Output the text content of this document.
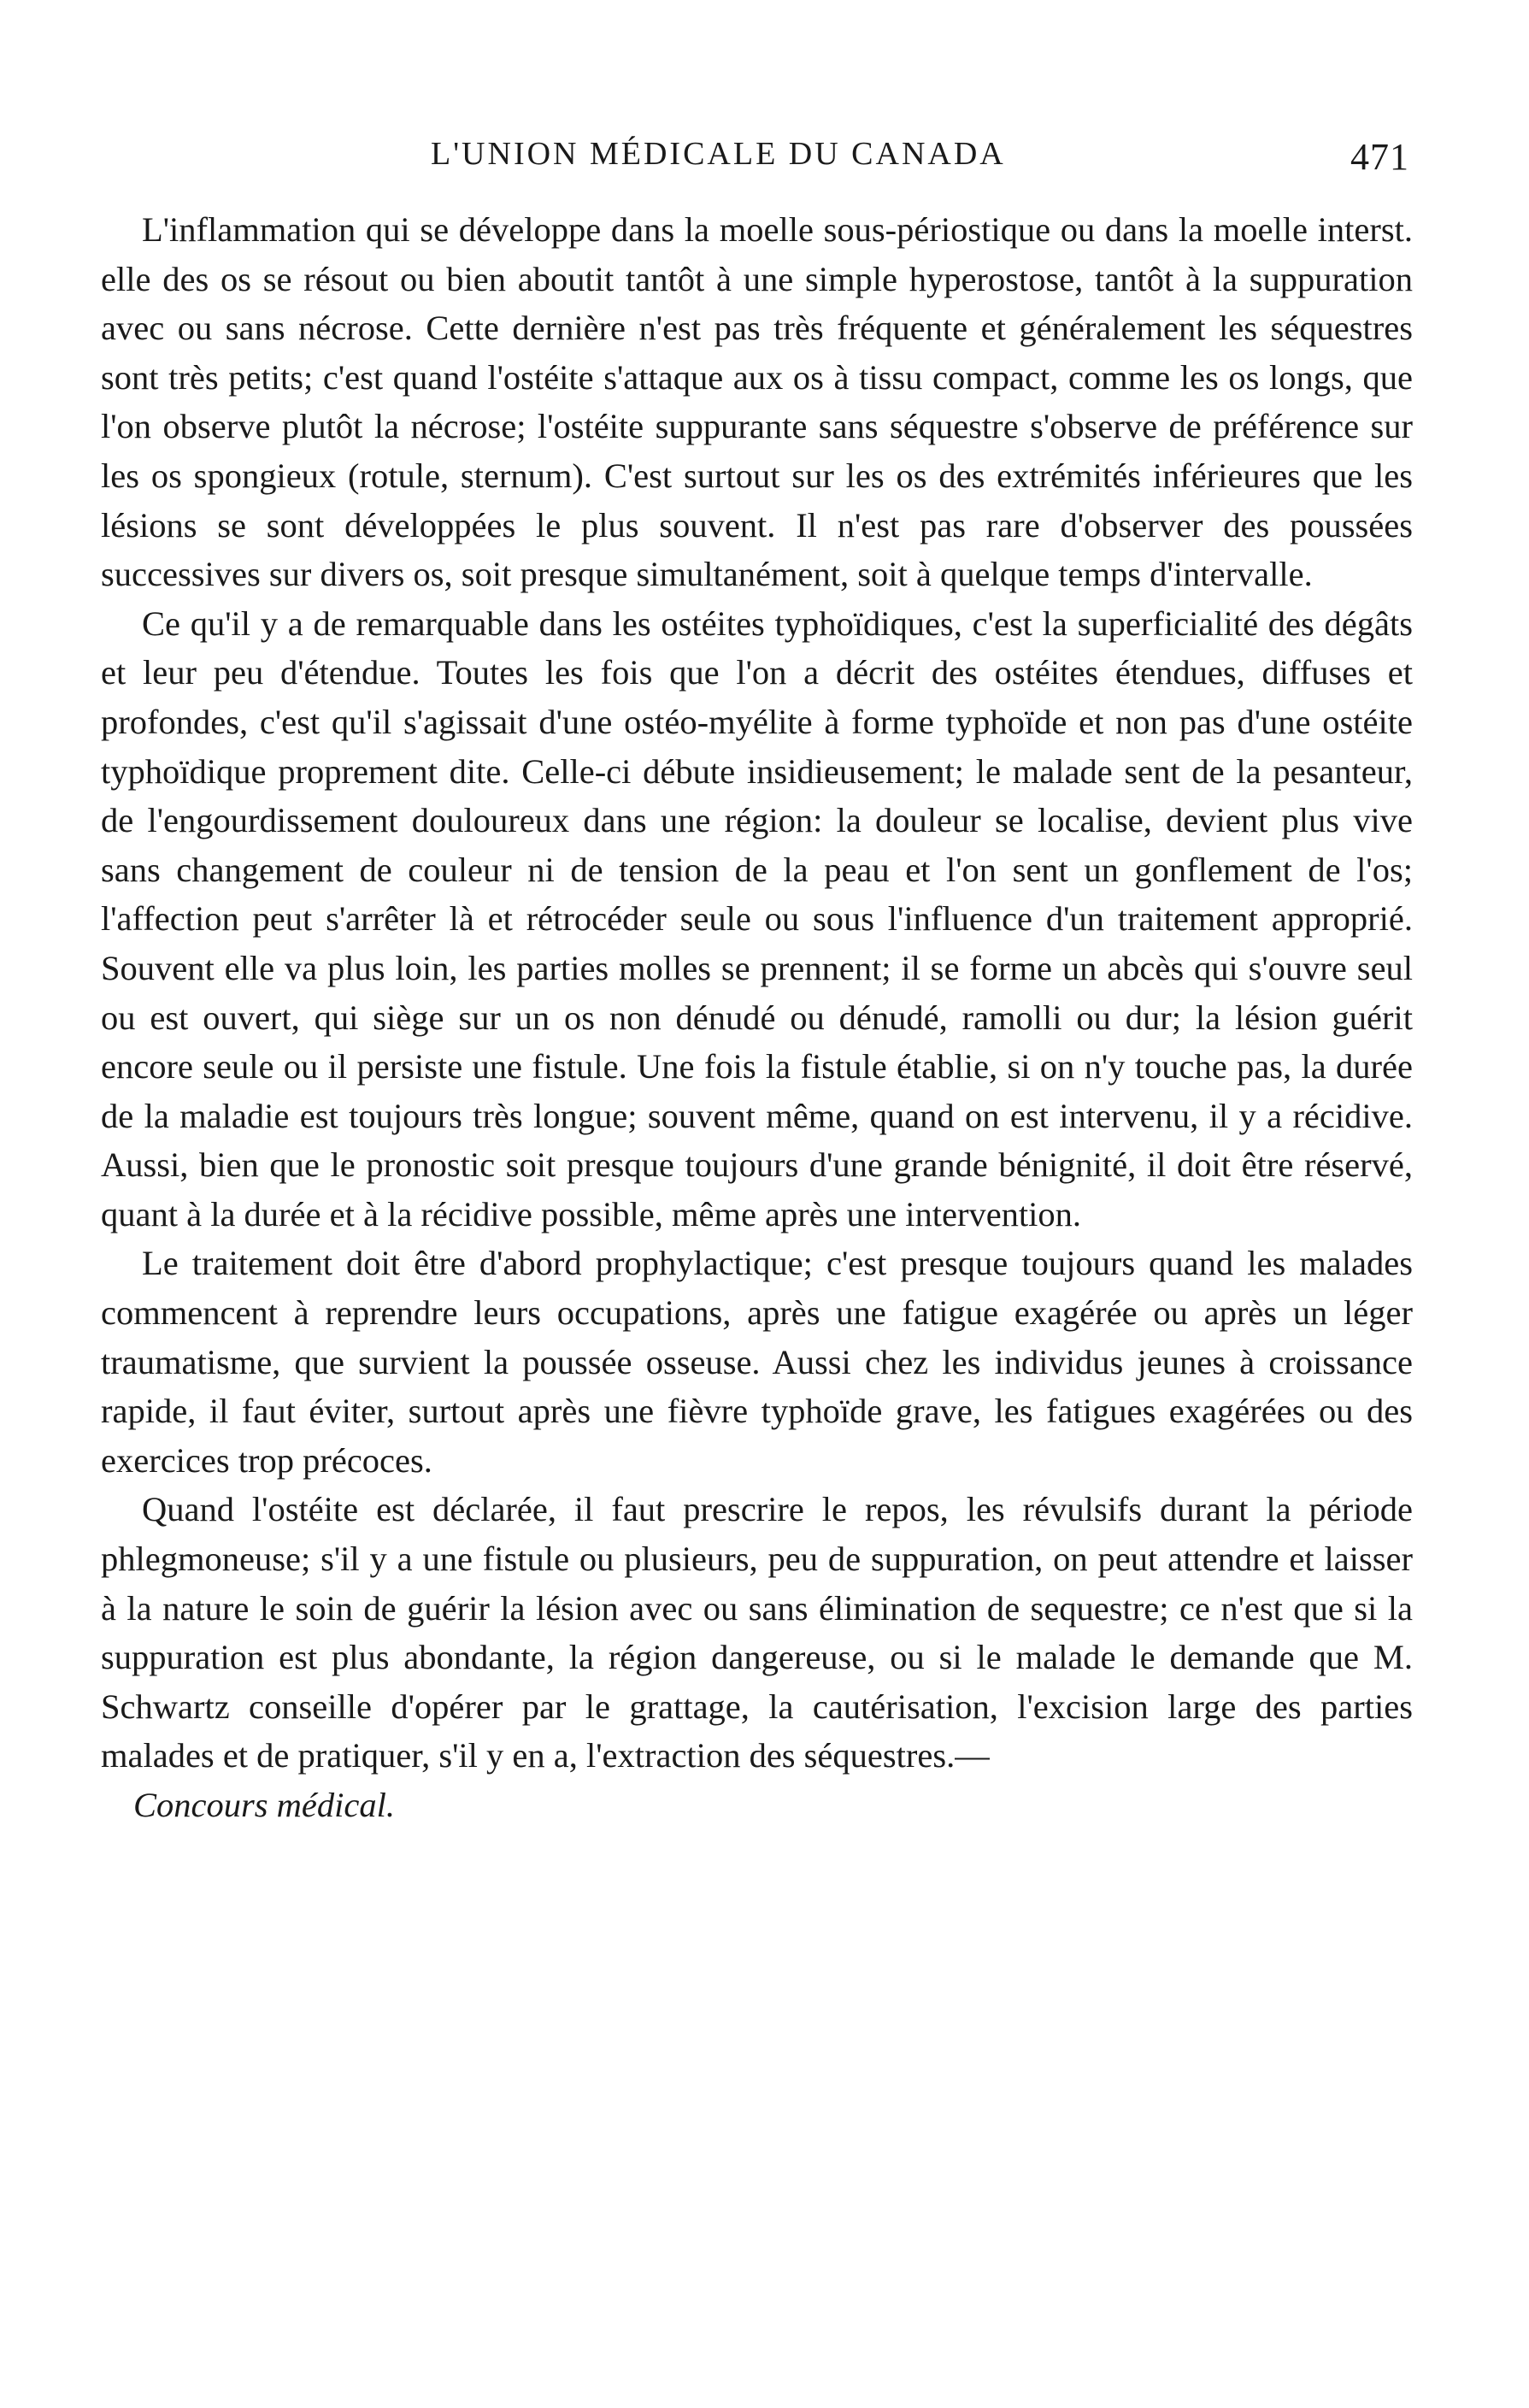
L'UNION MÉDICALE DU CANADA	471

L'inflammation qui se développe dans la moelle sous-périostique ou dans la moelle interst. elle des os se résout ou bien aboutit tantôt à une simple hyperostose, tantôt à la suppuration avec ou sans nécrose. Cette dernière n'est pas très fréquente et généralement les séquestres sont très petits; c'est quand l'ostéite s'attaque aux os à tissu compact, comme les os longs, que l'on observe plutôt la nécrose; l'ostéite suppurante sans séquestre s'observe de préférence sur les os spongieux (rotule, sternum). C'est surtout sur les os des extrémités inférieures que les lésions se sont développées le plus souvent. Il n'est pas rare d'observer des poussées successives sur divers os, soit presque simultanément, soit à quelque temps d'intervalle.

Ce qu'il y a de remarquable dans les ostéites typhoïdiques, c'est la superficialité des dégâts et leur peu d'étendue. Toutes les fois que l'on a décrit des ostéites étendues, diffuses et profondes, c'est qu'il s'agissait d'une ostéo-myélite à forme typhoïde et non pas d'une ostéite typhoïdique proprement dite. Celle-ci débute insidieusement; le malade sent de la pesanteur, de l'engourdissement douloureux dans une région: la douleur se localise, devient plus vive sans changement de couleur ni de tension de la peau et l'on sent un gonflement de l'os; l'affection peut s'arrêter là et rétrocéder seule ou sous l'influence d'un traitement approprié. Souvent elle va plus loin, les parties molles se prennent; il se forme un abcès qui s'ouvre seul ou est ouvert, qui siège sur un os non dénudé ou dénudé, ramolli ou dur; la lésion guérit encore seule ou il persiste une fistule. Une fois la fistule établie, si on n'y touche pas, la durée de la maladie est toujours très longue; souvent même, quand on est intervenu, il y a récidive. Aussi, bien que le pronostic soit presque toujours d'une grande bénignité, il doit être réservé, quant à la durée et à la récidive possible, même après une intervention.

Le traitement doit être d'abord prophylactique; c'est presque toujours quand les malades commencent à reprendre leurs occupations, après une fatigue exagérée ou après un léger traumatisme, que survient la poussée osseuse. Aussi chez les individus jeunes à croissance rapide, il faut éviter, surtout après une fièvre typhoïde grave, les fatigues exagérées ou des exercices trop précoces.

Quand l'ostéite est déclarée, il faut prescrire le repos, les révulsifs durant la période phlegmoneuse; s'il y a une fistule ou plusieurs, peu de suppuration, on peut attendre et laisser à la nature le soin de guérir la lésion avec ou sans élimination de sequestre; ce n'est que si la suppuration est plus abondante, la région dangereuse, ou si le malade le demande que M. Schwartz conseille d'opérer par le grattage, la cautérisation, l'excision large des parties malades et de pratiquer, s'il y en a, l'extraction des séquestres.—

Concours médical.
